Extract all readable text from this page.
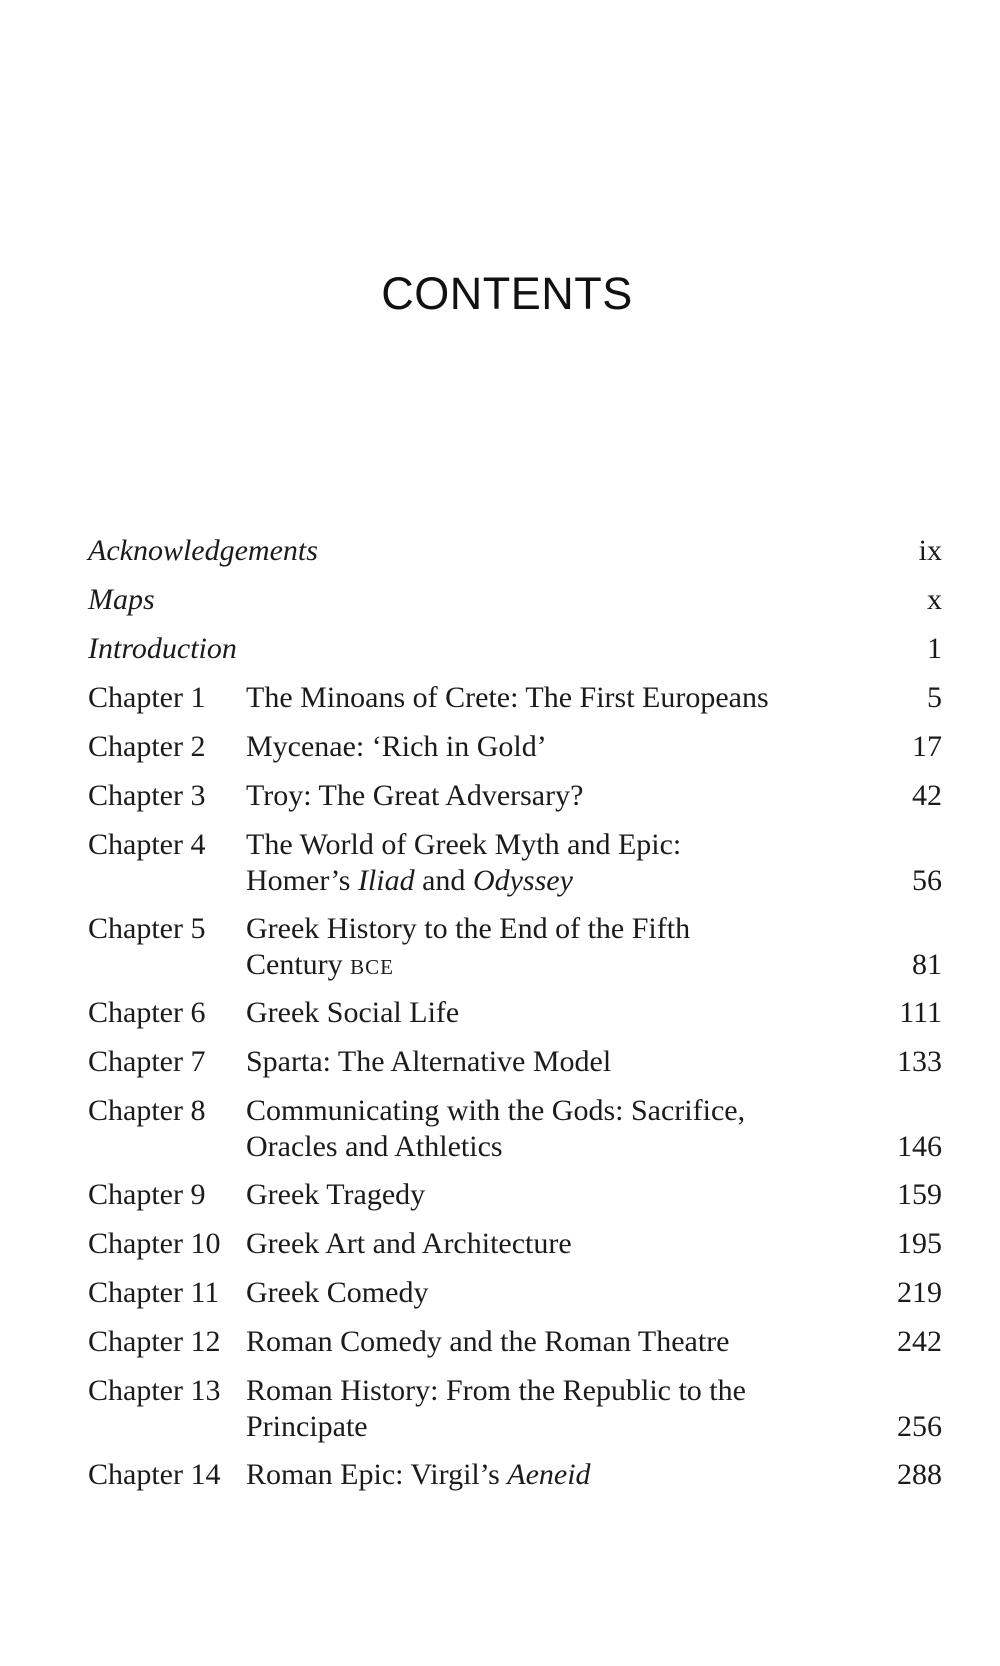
CONTENTS
Acknowledgements	ix
Maps	x
Introduction	1
Chapter 1 The Minoans of Crete: The First Europeans	5
Chapter 2 Mycenae: ‘Rich in Gold’	17
Chapter 3 Troy: The Great Adversary?	42
Chapter 4 The World of Greek Myth and Epic:
Homer’s Iliad and Odyssey	56
Chapter 5 Greek History to the End of the Fifth
Century BCE	81
Chapter 6 Greek Social Life	111
Chapter 7 Sparta: The Alternative Model	133
Chapter 8 Communicating with the Gods: Sacrifice,
Oracles and Athletics	146
Chapter 9 Greek Tragedy	159
Chapter 10 Greek Art and Architecture	195
Chapter 11 Greek Comedy	219
Chapter 12 Roman Comedy and the Roman Theatre	242
Chapter 13 Roman History: From the Republic to the
Principate	256
Chapter 14 Roman Epic: Virgil’s Aeneid	288
